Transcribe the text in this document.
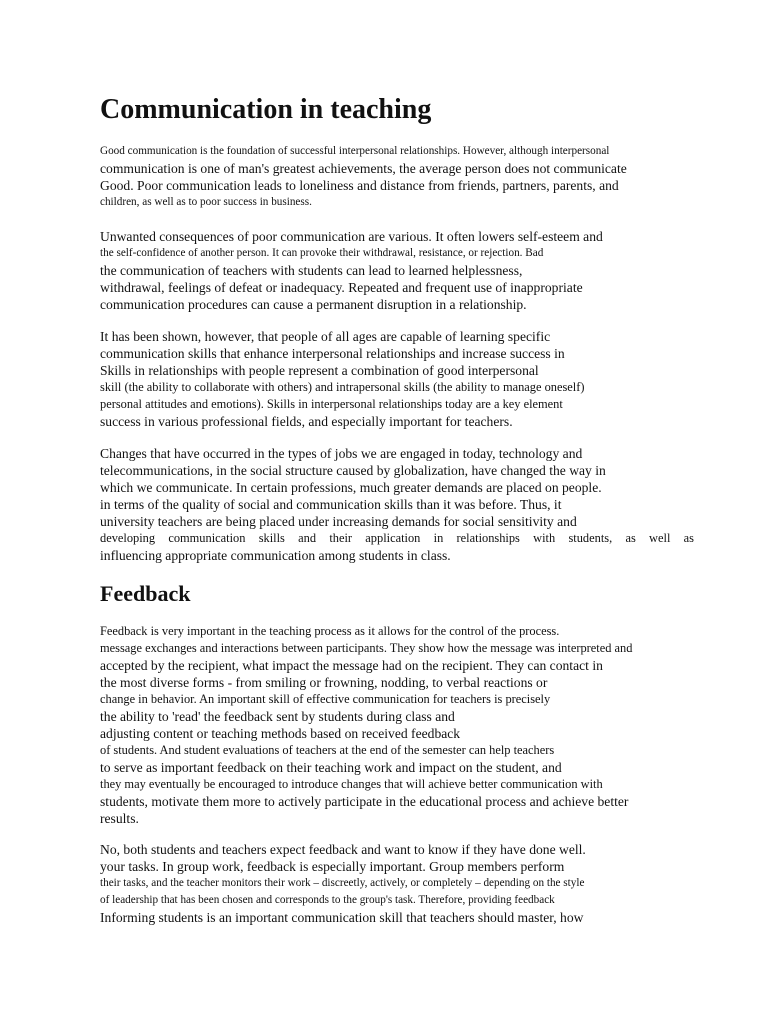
Communication in teaching
Good communication is the foundation of successful interpersonal relationships. However, although interpersonal
communication is one of man's greatest achievements, the average person does not communicate
Good. Poor communication leads to loneliness and distance from friends, partners, parents, and
children, as well as to poor success in business.
Unwanted consequences of poor communication are various. It often lowers self-esteem and
the self-confidence of another person. It can provoke their withdrawal, resistance, or rejection. Bad
the communication of teachers with students can lead to learned helplessness,
withdrawal, feelings of defeat or inadequacy. Repeated and frequent use of inappropriate
communication procedures can cause a permanent disruption in a relationship.
It has been shown, however, that people of all ages are capable of learning specific
communication skills that enhance interpersonal relationships and increase success in
Skills in relationships with people represent a combination of good interpersonal
skill (the ability to collaborate with others) and intrapersonal skills (the ability to manage oneself)
personal attitudes and emotions). Skills in interpersonal relationships today are a key element
success in various professional fields, and especially important for teachers.
Changes that have occurred in the types of jobs we are engaged in today, technology and
telecommunications, in the social structure caused by globalization, have changed the way in
which we communicate. In certain professions, much greater demands are placed on people.
in terms of the quality of social and communication skills than it was before. Thus, it
university teachers are being placed under increasing demands for social sensitivity and
developing communication skills and their application in relationships with students, as well as
influencing appropriate communication among students in class.
Feedback
Feedback is very important in the teaching process as it allows for the control of the process.
message exchanges and interactions between participants. They show how the message was interpreted and
accepted by the recipient, what impact the message had on the recipient. They can contact in
the most diverse forms - from smiling or frowning, nodding, to verbal reactions or
change in behavior. An important skill of effective communication for teachers is precisely
the ability to 'read' the feedback sent by students during class and
adjusting content or teaching methods based on received feedback
of students. And student evaluations of teachers at the end of the semester can help teachers
to serve as important feedback on their teaching work and impact on the student, and
they may eventually be encouraged to introduce changes that will achieve better communication with
students, motivate them more to actively participate in the educational process and achieve better
results.
No, both students and teachers expect feedback and want to know if they have done well.
your tasks. In group work, feedback is especially important. Group members perform
their tasks, and the teacher monitors their work – discreetly, actively, or completely – depending on the style
of leadership that has been chosen and corresponds to the group's task. Therefore, providing feedback
Informing students is an important communication skill that teachers should master, how
